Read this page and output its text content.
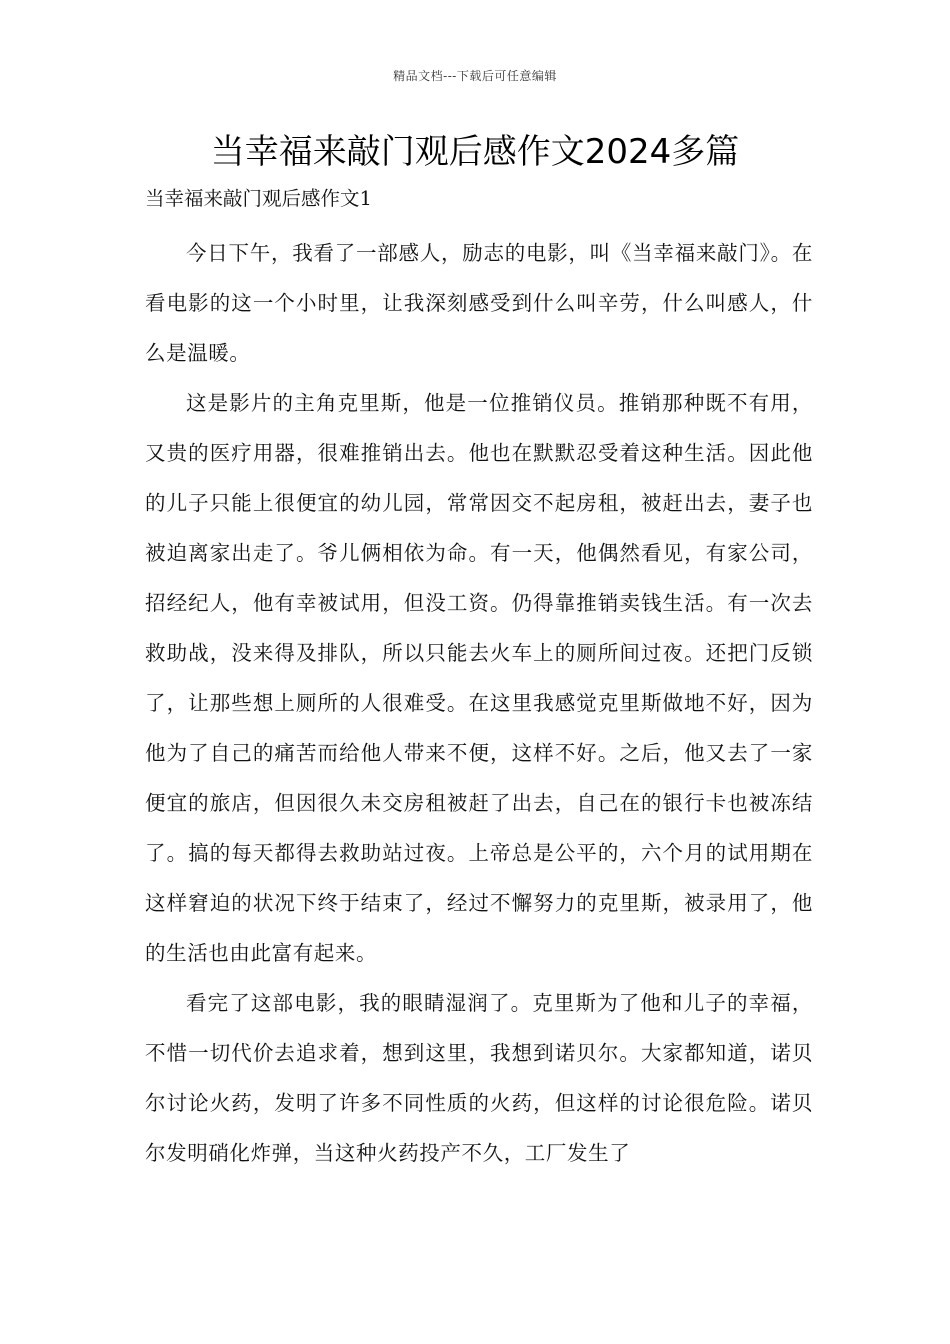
精品文档---下载后可任意编辑
当幸福来敲门观后感作文2024多篇
当幸福来敲门观后感作文1

今日下午，我看了一部感人，励志的电影，叫《当幸福来敲门》。在看电影的这一个小时里，让我深刻感受到什么叫辛劳，什么叫感人，什么是温暖。

这是影片的主角克里斯，他是一位推销仪员。推销那种既不有用，又贵的医疗用器，很难推销出去。他也在默默忍受着这种生活。因此他的儿子只能上很便宜的幼儿园，常常因交不起房租，被赶出去，妻子也被迫离家出走了。爷儿俩相依为命。有一天，他偶然看见，有家公司，招经纪人，他有幸被试用，但没工资。仍得靠推销卖钱生活。有一次去救助战，没来得及排队，所以只能去火车上的厕所间过夜。还把门反锁了，让那些想上厕所的人很难受。在这里我感觉克里斯做地不好，因为他为了自己的痛苦而给他人带来不便，这样不好。之后，他又去了一家便宜的旅店，但因很久未交房租被赶了出去，自己在的银行卡也被冻结了。搞的每天都得去救助站过夜。上帝总是公平的，六个月的试用期在这样窘迫的状况下终于结束了，经过不懈努力的克里斯，被录用了，他的生活也由此富有起来。

看完了这部电影，我的眼睛湿润了。克里斯为了他和儿子的幸福，不惜一切代价去追求着，想到这里，我想到诺贝尔。大家都知道，诺贝尔讨论火药，发明了许多不同性质的火药，但这样的讨论很危险。诺贝尔发明硝化炸弹，当这种火药投产不久，工厂发生了
